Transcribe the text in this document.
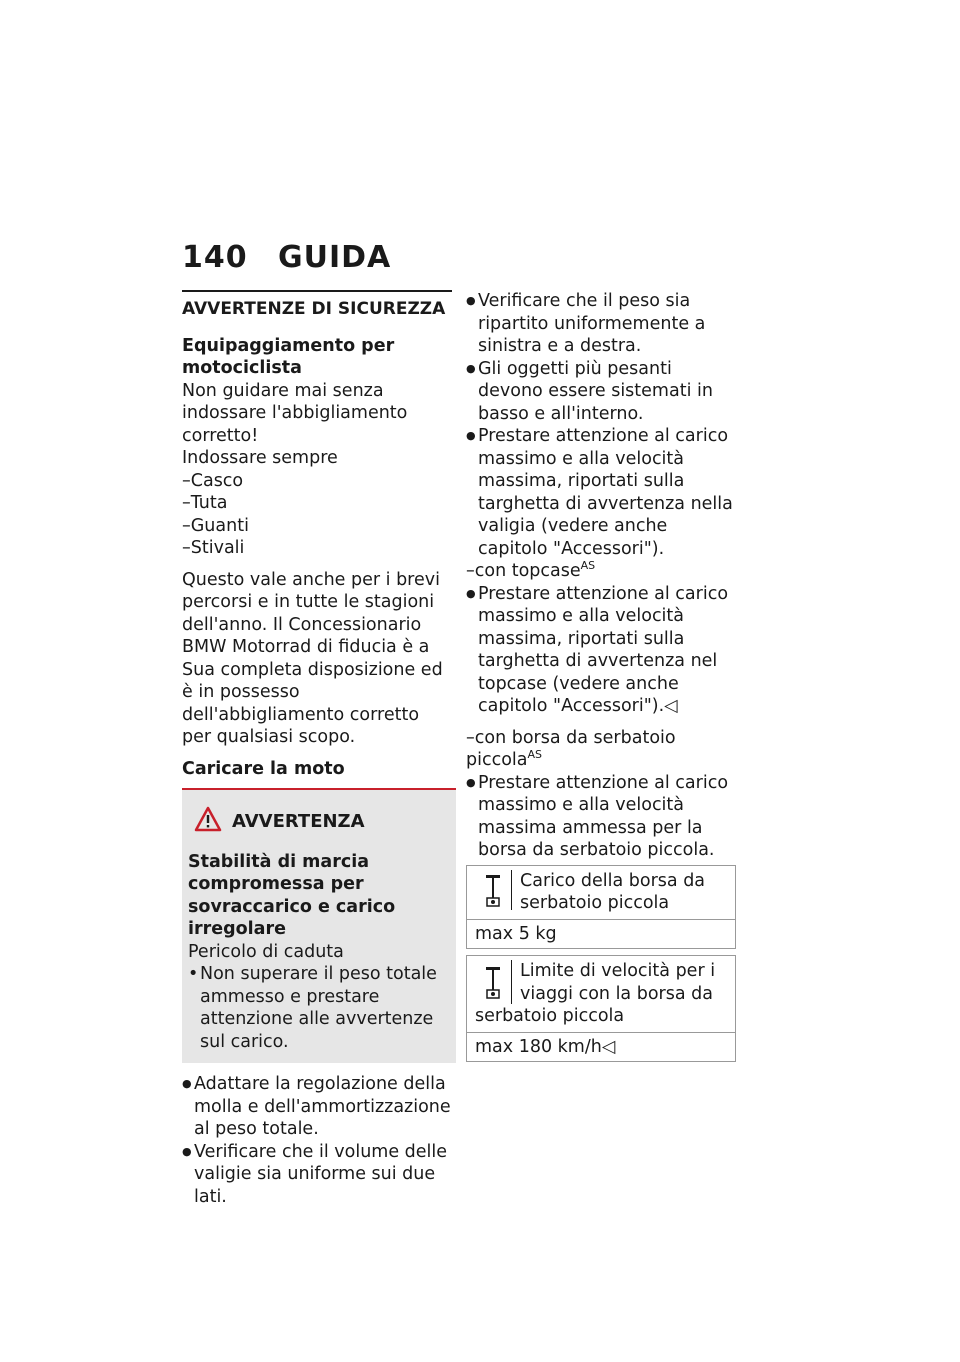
140 GUIDA
AVVERTENZE DI SICUREZZA
Equipaggiamento per motociclista

Non guidare mai senza indossare l'abbigliamento corretto!

Indossare sempre

–Casco

–Tuta

–Guanti

–Stivali

Questo vale anche per i brevi percorsi e in tutte le stagioni dell'anno. Il Concessionario BMW Motorrad di fiducia è a Sua completa disposizione ed è in possesso dell'abbigliamento corretto per qualsiasi scopo.

Caricare la moto
AVVERTENZA
Stabilità di marcia compromessa per sovraccarico e carico irregolare

Pericolo di caduta

• Non superare il peso totale ammesso e prestare attenzione alle avvertenze sul carico.

● Adattare la regolazione della molla e dell'ammortizzazione al peso totale.

● Verificare che il volume delle valigie sia uniforme sui due lati.

● Verificare che il peso sia ripartito uniformemente a sinistra e a destra.

● Gli oggetti più pesanti devono essere sistemati in basso e all'interno.

● Prestare attenzione al carico massimo e alla velocità massima, riportati sulla targhetta di avvertenza nella valigia (vedere anche capitolo "Accessori").

–con topcase$^{AS}$

● Prestare attenzione al carico massimo e alla velocità massima, riportati sulla targhetta di avvertenza nel topcase (vedere anche capitolo "Accessori").◁

–con borsa da serbatoio piccola$^{AS}$

● Prestare attenzione al carico massimo e alla velocità massima ammessa per la borsa da serbatoio piccola.

Carico della borsa da serbatoio piccola
max 5 kg
Limite di velocità per i viaggi con la borsa da serbatoio piccola
max 180 km/h◁
